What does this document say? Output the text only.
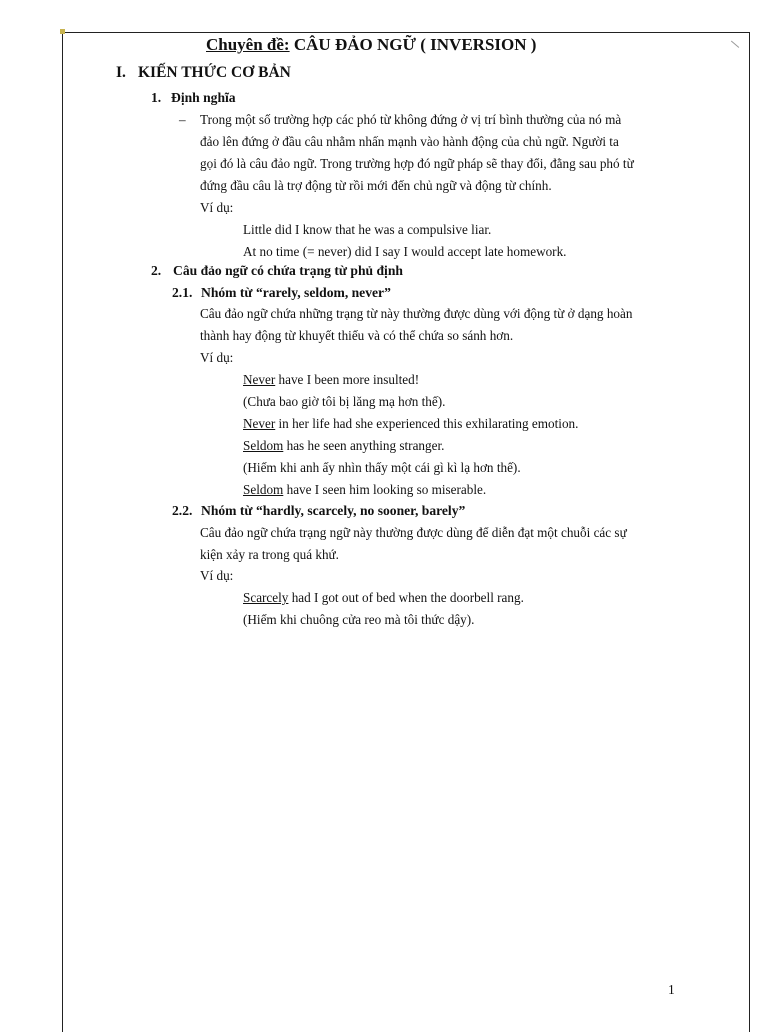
Chuyên đề: CÂU ĐẢO NGỮ ( INVERSION )
I. KIẾN THỨC CƠ BẢN
1. Định nghĩa
– Trong một số trường hợp các phó từ không đứng ở vị trí bình thường của nó mà
đảo lên đứng ở đầu câu nhằm nhấn mạnh vào hành động của chủ ngữ. Người ta
gọi đó là câu đảo ngữ. Trong trường hợp đó ngữ pháp sẽ thay đổi, đằng sau phó từ
đứng đầu câu là trợ động từ rồi mới đến chủ ngữ và động từ chính.
Ví dụ:
Little did I know that he was a compulsive liar.
At no time (= never) did I say I would accept late homework.
2. Câu đảo ngữ có chứa trạng từ phủ định
2.1. Nhóm từ “rarely, seldom, never”
Câu đảo ngữ chứa những trạng từ này thường được dùng với động từ ở dạng hoàn
thành hay động từ khuyết thiếu và có thể chứa so sánh hơn.
Ví dụ:
Never have I been more insulted!
(Chưa bao giờ tôi bị lăng mạ hơn thế).
Never in her life had she experienced this exhilarating emotion.
Seldom has he seen anything stranger.
(Hiếm khi anh ấy nhìn thấy một cái gì kì lạ hơn thế).
Seldom have I seen him looking so miserable.
2.2. Nhóm từ “hardly, scarcely, no sooner, barely”
Câu đảo ngữ chứa trạng ngữ này thường được dùng để diễn đạt một chuỗi các sự
kiện xảy ra trong quá khứ.
Ví dụ:
Scarcely had I got out of bed when the doorbell rang.
(Hiếm khi chuông cửa reo mà tôi thức dậy).
1
